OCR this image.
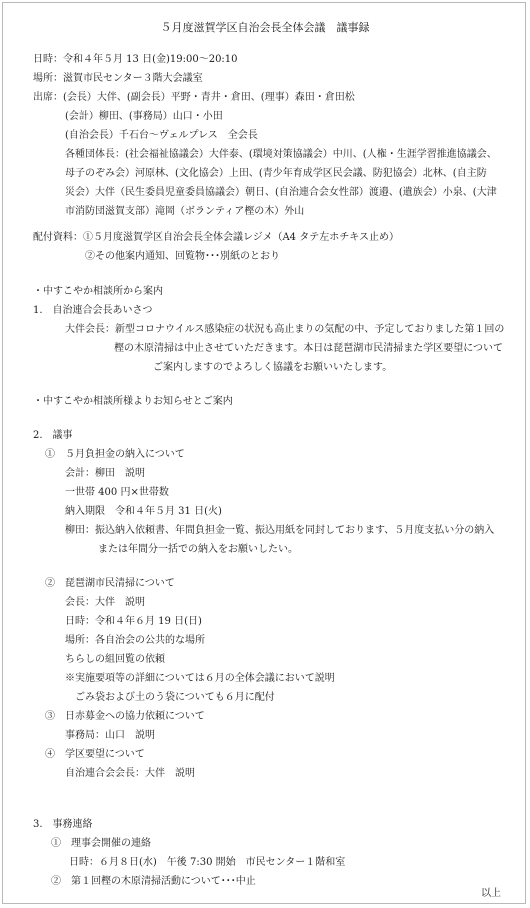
５月度滋賀学区自治会長全体会議　議事録
日時：令和４年５月 13 日(金)19:00～20:10
場所：滋賀市民センター３階大会議室
出席：(会長）大伴、(副会長）平野・青井・倉田、(理事）森田・倉田松
(会計）柳田、(事務局）山口・小田
(自治会長）千石台～ヴェルプレス　全会長
各種団体長：(社会福祉協議会）大伴泰、(環境対策協議会）中川、(人権・生涯学習推進協議会、
母子のぞみ会）河原林、(文化協会）上田、(青少年育成学区民会議、防犯協会）北林、(自主防
災会）大伴（民生委員児童委員協議会）朝日、(自治連合会女性部）渡邉、(遺族会）小泉、(大津
市消防団滋賀支部）滝岡（ボランティア樫の木）外山
配付資料：①５月度滋賀学区自治会長全体会議レジメ（A4 タテ左ホチキス止め）
②その他案内通知、回覧物･･･別紙のとおり
・中すこやか相談所から案内
1.　自治連合会長あいさつ
大伴会長：新型コロナウイルス感染症の状況も高止まりの気配の中、予定しておりました第１回の
樫の木原清掃は中止させていただきます。本日は琵琶湖市民清掃また学区要望について
ご案内しますのでよろしく協議をお願いいたします。
・中すこやか相談所様よりお知らせとご案内
2.　議事
①　５月負担金の納入について
会計：柳田　説明
一世帯 400 円×世帯数
納入期限　令和４年５月 31 日(火)
柳田：振込納入依頼書、年間負担金一覧、振込用紙を同封しております、５月度支払い分の納入
または年間分一括での納入をお願いしたい。
②　琵琶湖市民清掃について
会長：大伴　説明
日時：令和４年６月 19 日(日)
場所：各自治会の公共的な場所
ちらしの組回覧の依頼
※実施要項等の詳細については６月の全体会議において説明
ごみ袋および土のう袋についても６月に配付
③　日赤募金への協力依頼について
事務局：山口　説明
④　学区要望について
自治連合会会長：大伴　説明
3.　事務連絡
①　理事会開催の連絡
日時：６月８日(水)　午後 7:30 開始　市民センター１階和室
②　第１回樫の木原清掃活動について･･･中止
以上
